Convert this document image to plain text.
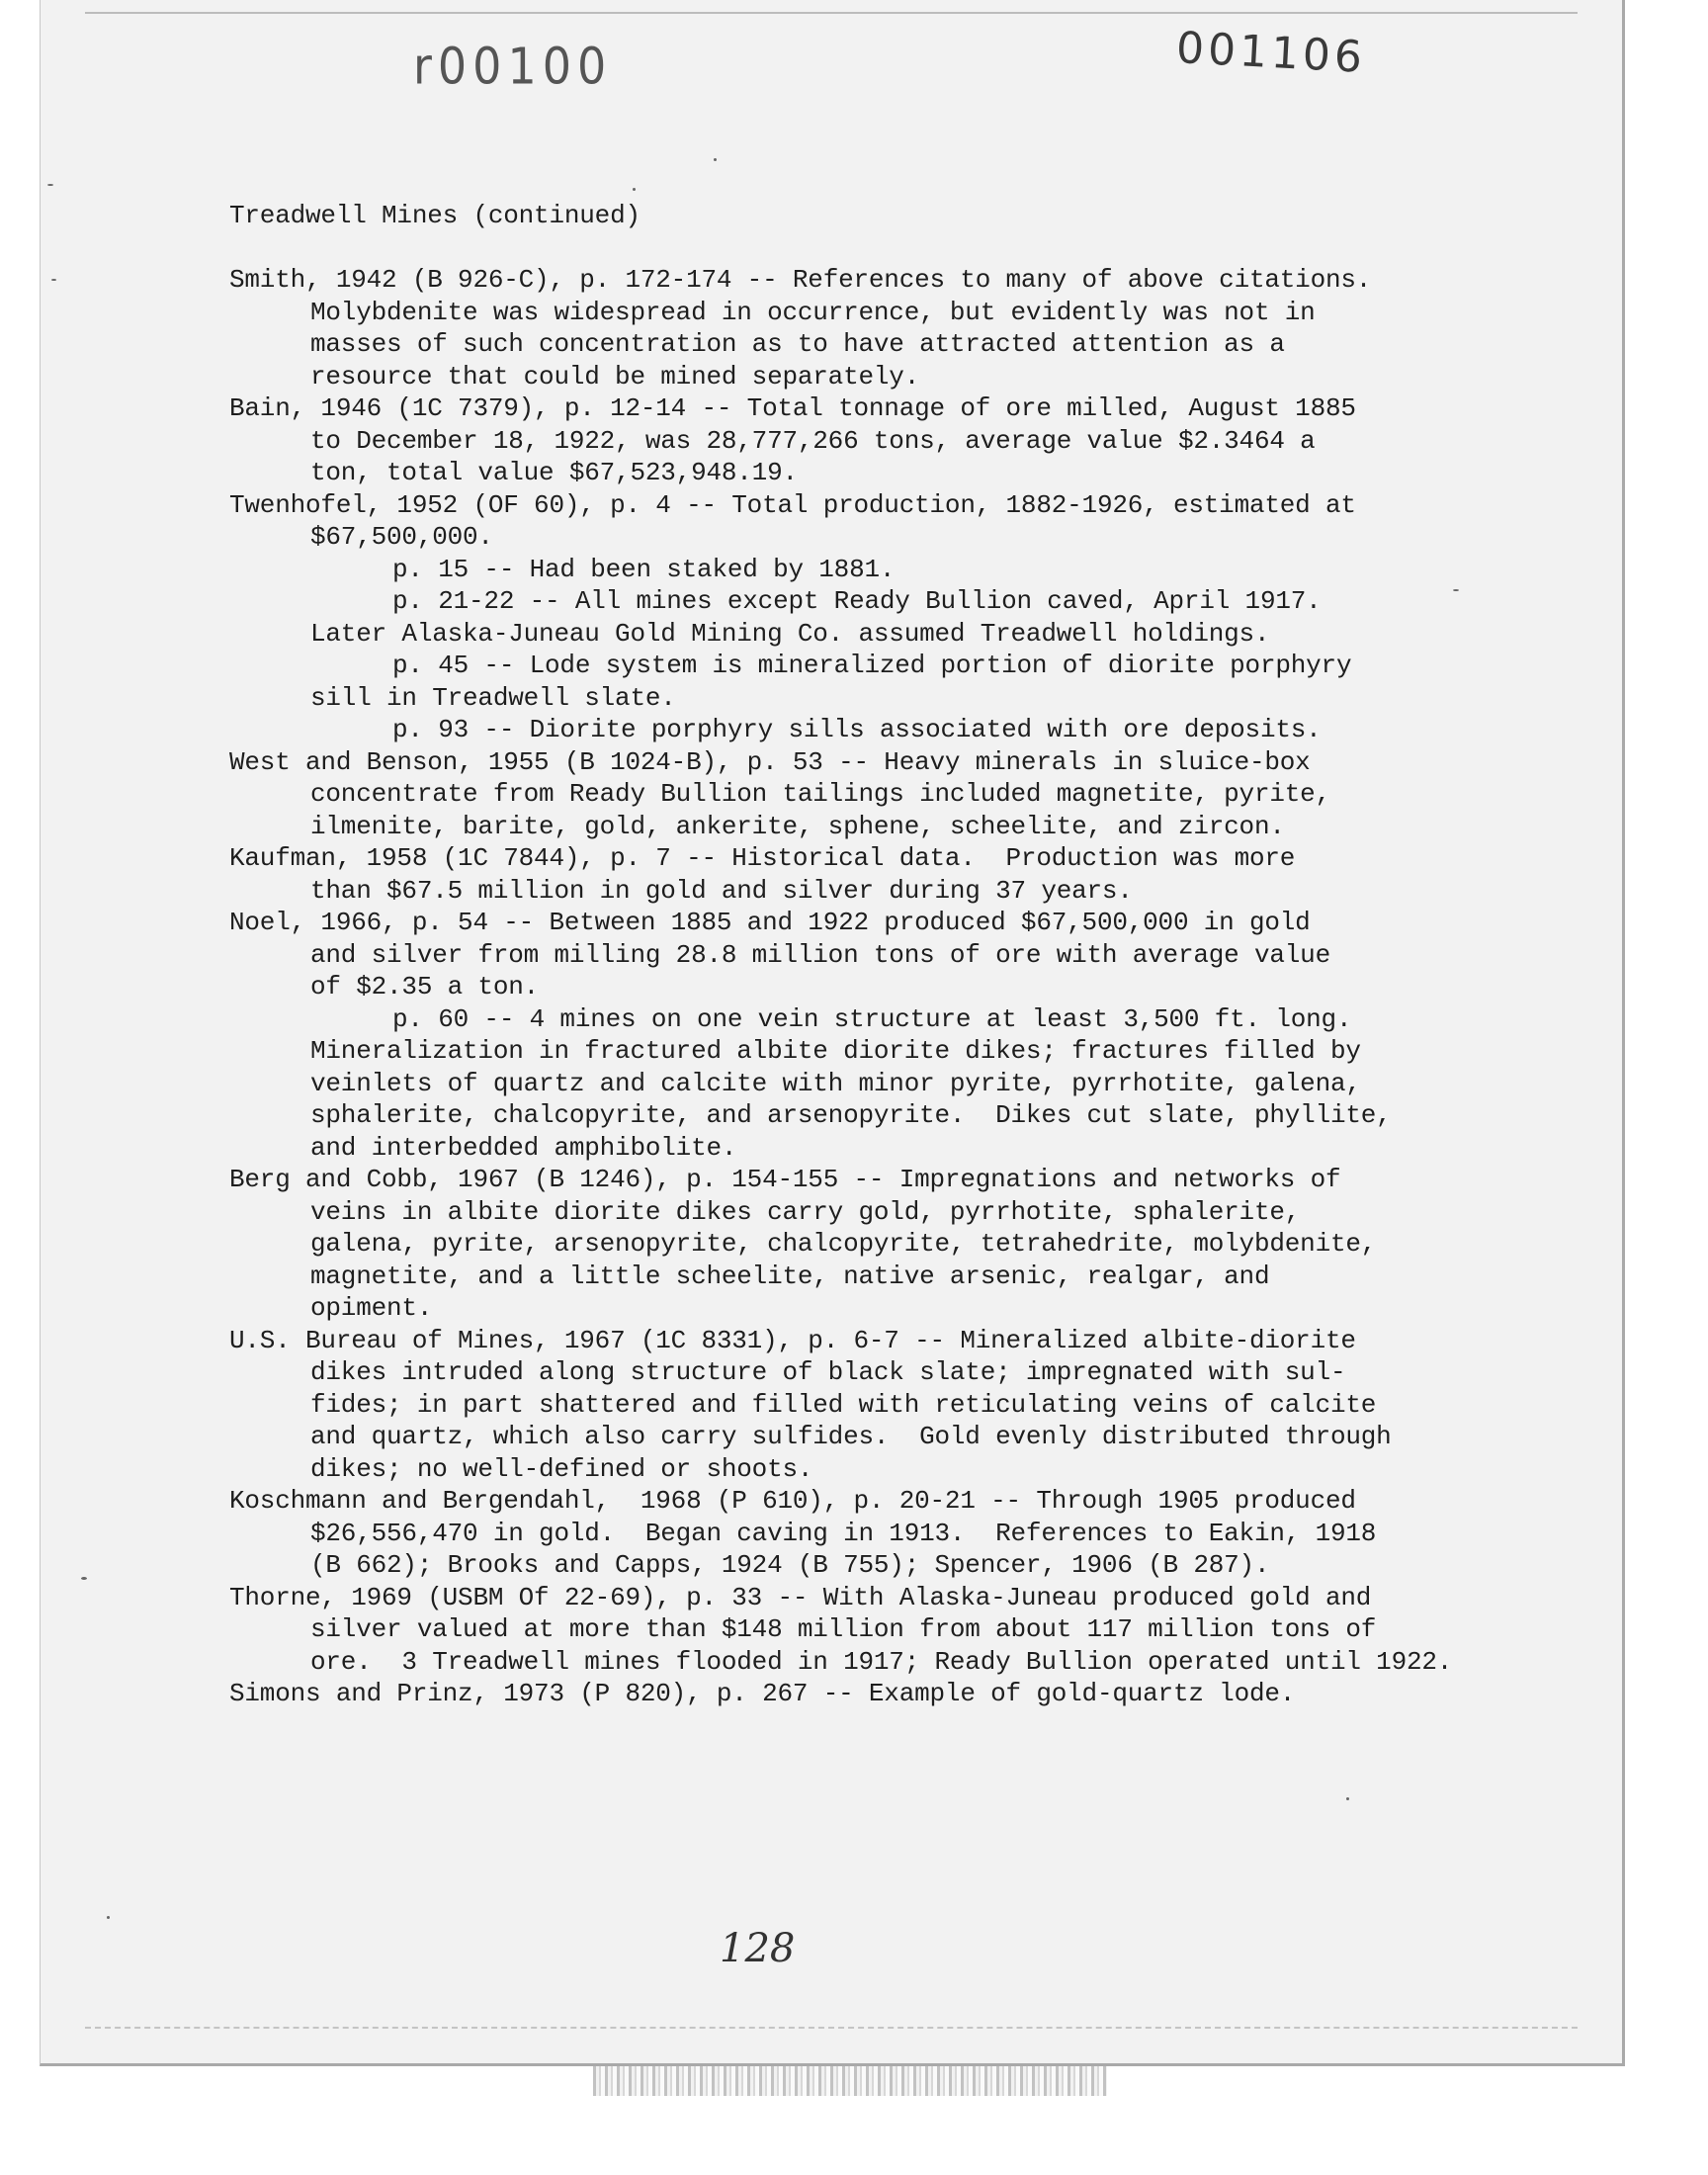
r00100	001106
Treadwell Mines (continued)
Smith, 1942 (B 926-C), p. 172-174 -- References to many of above citations.
Molybdenite was widespread in occurrence, but evidently was not in
masses of such concentration as to have attracted attention as a
resource that could be mined separately.
Bain, 1946 (1C 7379), p. 12-14 -- Total tonnage of ore milled, August 1885
to December 18, 1922, was 28,777,266 tons, average value $2.3464 a
ton, total value $67,523,948.19.
Twenhofel, 1952 (OF 60), p. 4 -- Total production, 1882-1926, estimated at
$67,500,000.
p. 15 -- Had been staked by 1881.
p. 21-22 -- All mines except Ready Bullion caved, April 1917.
Later Alaska-Juneau Gold Mining Co. assumed Treadwell holdings.
p. 45 -- Lode system is mineralized portion of diorite porphyry
sill in Treadwell slate.
p. 93 -- Diorite porphyry sills associated with ore deposits.
West and Benson, 1955 (B 1024-B), p. 53 -- Heavy minerals in sluice-box
concentrate from Ready Bullion tailings included magnetite, pyrite,
ilmenite, barite, gold, ankerite, sphene, scheelite, and zircon.
Kaufman, 1958 (1C 7844), p. 7 -- Historical data.  Production was more
than $67.5 million in gold and silver during 37 years.
Noel, 1966, p. 54 -- Between 1885 and 1922 produced $67,500,000 in gold
and silver from milling 28.8 million tons of ore with average value
of $2.35 a ton.
p. 60 -- 4 mines on one vein structure at least 3,500 ft. long.
Mineralization in fractured albite diorite dikes; fractures filled by
veinlets of quartz and calcite with minor pyrite, pyrrhotite, galena,
sphalerite, chalcopyrite, and arsenopyrite.  Dikes cut slate, phyllite,
and interbedded amphibolite.
Berg and Cobb, 1967 (B 1246), p. 154-155 -- Impregnations and networks of
veins in albite diorite dikes carry gold, pyrrhotite, sphalerite,
galena, pyrite, arsenopyrite, chalcopyrite, tetrahedrite, molybdenite,
magnetite, and a little scheelite, native arsenic, realgar, and
opiment.
U.S. Bureau of Mines, 1967 (1C 8331), p. 6-7 -- Mineralized albite-diorite
dikes intruded along structure of black slate; impregnated with sul-
fides; in part shattered and filled with reticulating veins of calcite
and quartz, which also carry sulfides.  Gold evenly distributed through
dikes; no well-defined or shoots.
Koschmann and Bergendahl,  1968 (P 610), p. 20-21 -- Through 1905 produced
$26,556,470 in gold.  Began caving in 1913.  References to Eakin, 1918
(B 662); Brooks and Capps, 1924 (B 755); Spencer, 1906 (B 287).
Thorne, 1969 (USBM Of 22-69), p. 33 -- With Alaska-Juneau produced gold and
silver valued at more than $148 million from about 117 million tons of
ore.  3 Treadwell mines flooded in 1917; Ready Bullion operated until 1922.
Simons and Prinz, 1973 (P 820), p. 267 -- Example of gold-quartz lode.
128
